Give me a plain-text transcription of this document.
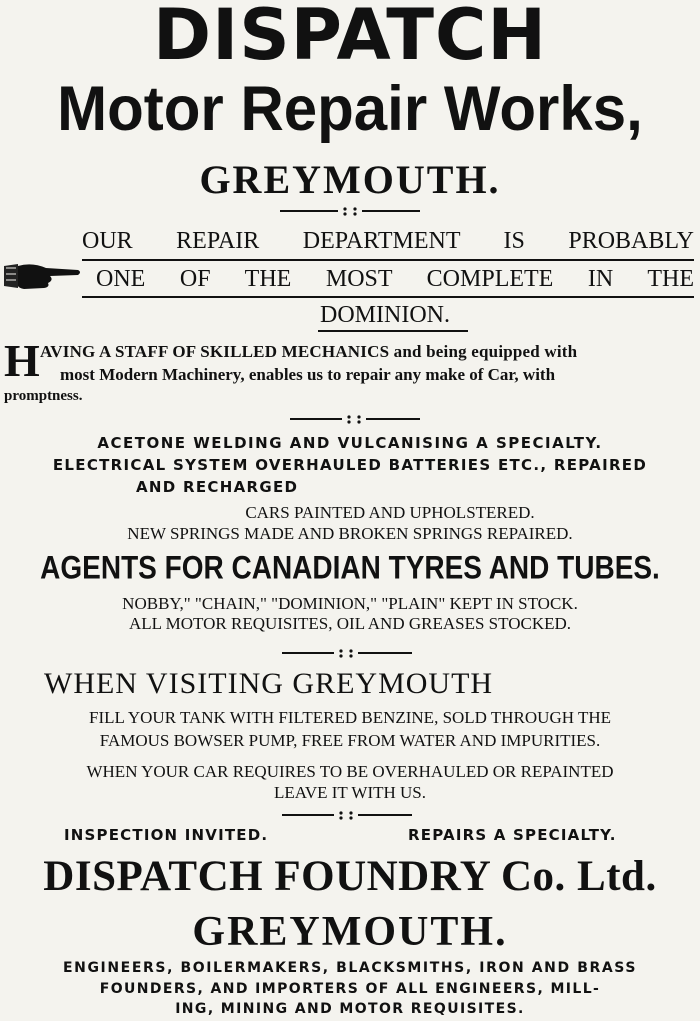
DISPATCH
Motor Repair Works,
GREYMOUTH.
OUR REPAIR DEPARTMENT IS PROBABLY
ONE OF THE MOST COMPLETE IN THE
DOMINION.
H AVING A STAFF OF SKILLED MECHANICS and being equipped with
most Modern Machinery, enables us to repair any make of Car, with
promptness.
ACETONE WELDING AND VULCANISING A SPECIALTY.
ELECTRICAL SYSTEM OVERHAULED BATTERIES ETC., REPAIRED
AND RECHARGED
CARS PAINTED AND UPHOLSTERED.
NEW SPRINGS MADE AND BROKEN SPRINGS REPAIRED.
AGENTS FOR CANADIAN TYRES AND TUBES.
NOBBY," "CHAIN," "DOMINION," "PLAIN" KEPT IN STOCK.
ALL MOTOR REQUISITES, OIL AND GREASES STOCKED.
WHEN VISITING GREYMOUTH
FILL YOUR TANK WITH FILTERED BENZINE, SOLD THROUGH THE
FAMOUS BOWSER PUMP, FREE FROM WATER AND IMPURITIES.
WHEN YOUR CAR REQUIRES TO BE OVERHAULED OR REPAINTED
LEAVE IT WITH US.
INSPECTION INVITED.	REPAIRS A SPECIALTY.
DISPATCH FOUNDRY Co. Ltd.
GREYMOUTH.
ENGINEERS, BOILERMAKERS, BLACKSMITHS, IRON AND BRASS
FOUNDERS, AND IMPORTERS OF ALL ENGINEERS, MILL-
ING, MINING AND MOTOR REQUISITES.
